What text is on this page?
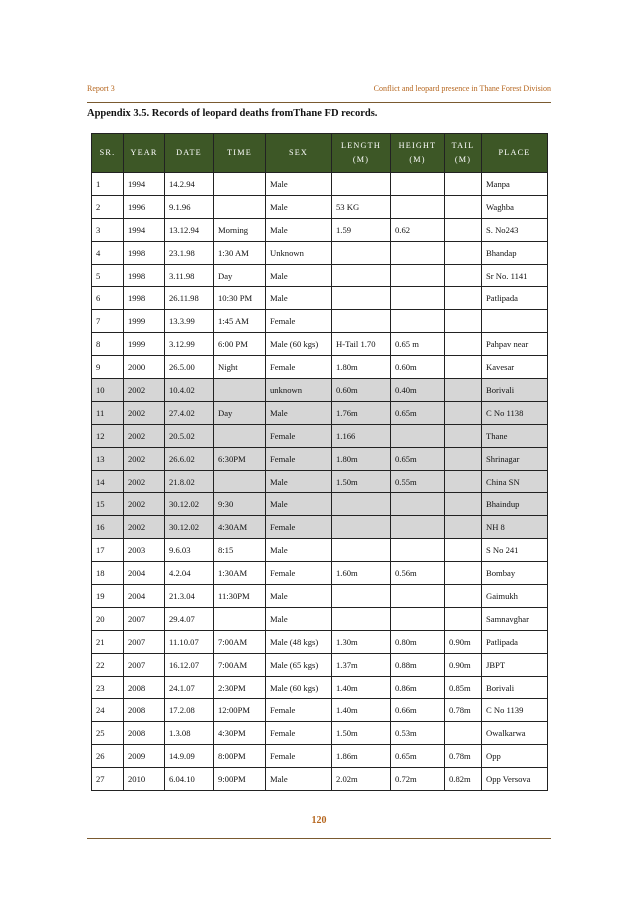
Report 3	Conflict and leopard presence in Thane Forest Division
Appendix 3.5. Records of leopard deaths fromThane FD records.
SR.	YEAR	DATE	TIME	SEX	LENGTH (M)	HEIGHT (M)	TAIL (M)	PLACE
1	1994	14.2.94		Male				Manpa
2	1996	9.1.96		Male	53 KG			Waghba
3	1994	13.12.94	Morning	Male	1.59	0.62		S. No243
4	1998	23.1.98	1:30 AM	Unknown				Bhandap
5	1998	3.11.98	Day	Male				Sr No. 1141
6	1998	26.11.98	10:30 PM	Male				Patlipada
7	1999	13.3.99	1:45 AM	Female				
8	1999	3.12.99	6:00 PM	Male (60 kgs)	H-Tail 1.70	0.65 m		Pahpav near
9	2000	26.5.00	Night	Female	1.80m	0.60m		Kavesar
10	2002	10.4.02		unknown	0.60m	0.40m		Borivali
11	2002	27.4.02	Day	Male	1.76m	0.65m		C No 1138
12	2002	20.5.02		Female	1.166			Thane
13	2002	26.6.02	6:30PM	Female	1.80m	0.65m		Shrinagar
14	2002	21.8.02		Male	1.50m	0.55m		China SN
15	2002	30.12.02	9:30	Male				Bhaindup
16	2002	30.12.02	4:30AM	Female				NH 8
17	2003	9.6.03	8:15	Male				S No 241
18	2004	4.2.04	1:30AM	Female	1.60m	0.56m		Bombay
19	2004	21.3.04	11:30PM	Male				Gaimukh
20	2007	29.4.07		Male				Samnavghar
21	2007	11.10.07	7:00AM	Male (48 kgs)	1.30m	0.80m	0.90m	Patlipada
22	2007	16.12.07	7:00AM	Male (65 kgs)	1.37m	0.88m	0.90m	JBPT
23	2008	24.1.07	2:30PM	Male (60 kgs)	1.40m	0.86m	0.85m	Borivali
24	2008	17.2.08	12:00PM	Female	1.40m	0.66m	0.78m	C No 1139
25	2008	1.3.08	4:30PM	Female	1.50m	0.53m		Owalkarwa
26	2009	14.9.09	8:00PM	Female	1.86m	0.65m	0.78m	Opp
27	2010	6.04.10	9:00PM	Male	2.02m	0.72m	0.82m	Opp Versova
120
